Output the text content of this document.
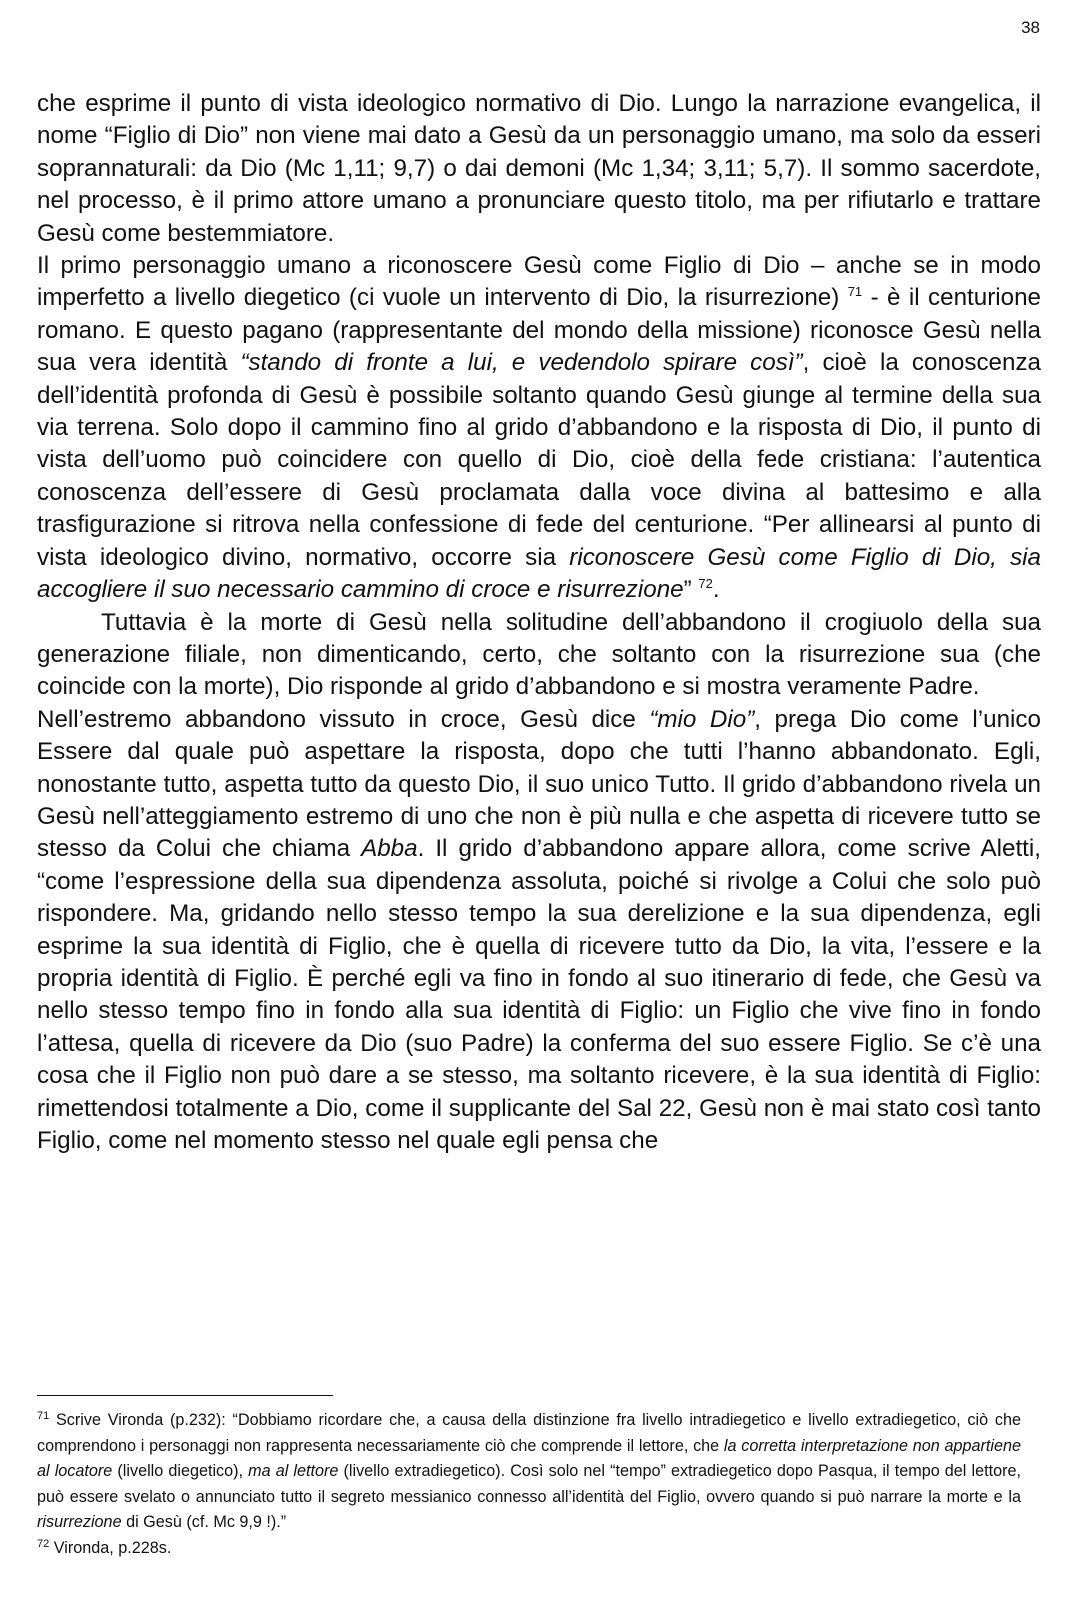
38

che esprime il punto di vista ideologico normativo di Dio. Lungo la narrazione evangelica, il nome “Figlio di Dio” non viene mai dato a Gesù da un personaggio umano, ma solo da esseri soprannaturali: da Dio (Mc 1,11; 9,7) o dai demoni (Mc 1,34; 3,11; 5,7). Il sommo sacerdote, nel processo, è il primo attore umano a pronunciare questo titolo, ma per rifiutarlo e trattare Gesù come bestemmiatore.

Il primo personaggio umano a riconoscere Gesù come Figlio di Dio – anche se in modo imperfetto a livello diegetico (ci vuole un intervento di Dio, la risurrezione) $^{71}$ - è il centurione romano. E questo pagano (rappresentante del mondo della missione) riconosce Gesù nella sua vera identità “stando di fronte a lui, e vedendolo spirare così”, cioè la conoscenza dell’identità profonda di Gesù è possibile soltanto quando Gesù giunge al termine della sua via terrena. Solo dopo il cammino fino al grido d’abbandono e la risposta di Dio, il punto di vista dell’uomo può coincidere con quello di Dio, cioè della fede cristiana: l’autentica conoscenza dell’essere di Gesù proclamata dalla voce divina al battesimo e alla trasfigurazione si ritrova nella confessione di fede del centurione. “Per allinearsi al punto di vista ideologico divino, normativo, occorre sia riconoscere Gesù come Figlio di Dio, sia accogliere il suo necessario cammino di croce e risurrezione” $^{72}$.

Tuttavia è la morte di Gesù nella solitudine dell’abbandono il crogiuolo della sua generazione filiale, non dimenticando, certo, che soltanto con la risurrezione sua (che coincide con la morte), Dio risponde al grido d’abbandono e si mostra veramente Padre.

Nell’estremo abbandono vissuto in croce, Gesù dice “mio Dio”, prega Dio come l’unico Essere dal quale può aspettare la risposta, dopo che tutti l’hanno abbandonato. Egli, nonostante tutto, aspetta tutto da questo Dio, il suo unico Tutto. Il grido d’abbandono rivela un Gesù nell’atteggiamento estremo di uno che non è più nulla e che aspetta di ricevere tutto se stesso da Colui che chiama Abba. Il grido d’abbandono appare allora, come scrive Aletti, “come l’espressione della sua dipendenza assoluta, poiché si rivolge a Colui che solo può rispondere. Ma, gridando nello stesso tempo la sua derelizione e la sua dipendenza, egli esprime la sua identità di Figlio, che è quella di ricevere tutto da Dio, la vita, l’essere e la propria identità di Figlio. È perché egli va fino in fondo al suo itinerario di fede, che Gesù va nello stesso tempo fino in fondo alla sua identità di Figlio: un Figlio che vive fino in fondo l’attesa, quella di ricevere da Dio (suo Padre) la conferma del suo essere Figlio. Se c’è una cosa che il Figlio non può dare a se stesso, ma soltanto ricevere, è la sua identità di Figlio: rimettendosi totalmente a Dio, come il supplicante del Sal 22, Gesù non è mai stato così tanto Figlio, come nel momento stesso nel quale egli pensa che

$^{71}$ Scrive Vironda (p.232): “Dobbiamo ricordare che, a causa della distinzione fra livello intradiegetico e livello extradiegetico, ciò che comprendono i personaggi non rappresenta necessariamente ciò che comprende il lettore, che la corretta interpretazione non appartiene al locatore (livello diegetico), ma al lettore (livello extradiegetico). Così solo nel “tempo” extradiegetico dopo Pasqua, il tempo del lettore, può essere svelato o annunciato tutto il segreto messianico connesso all’identità del Figlio, ovvero quando si può narrare la morte e la risurrezione di Gesù (cf. Mc 9,9 !).”

$^{72}$ Vironda, p.228s.
